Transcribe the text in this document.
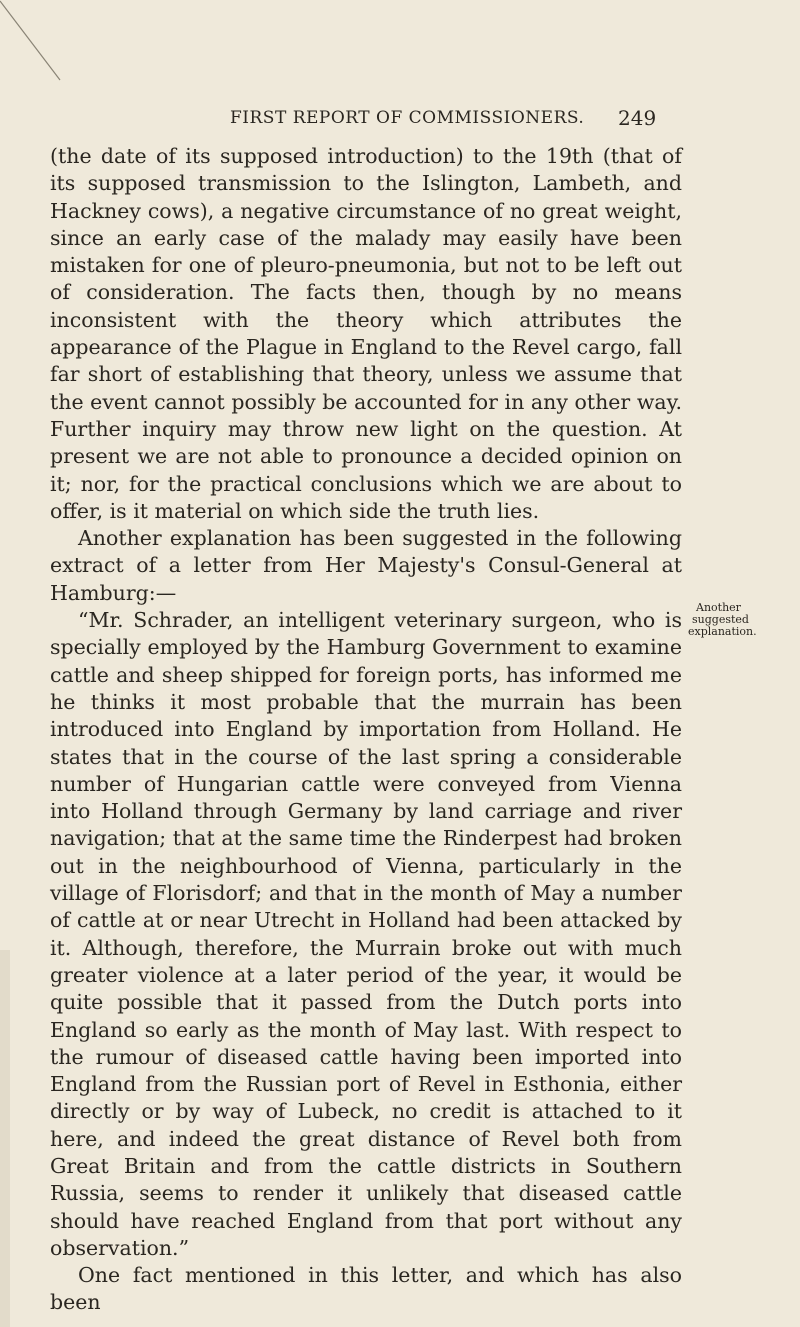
FIRST REPORT OF COMMISSIONERS. 249

(the date of its supposed introduction) to the 19th (that of its supposed transmission to the Islington, Lambeth, and Hackney cows), a negative circumstance of no great weight, since an early case of the malady may easily have been mistaken for one of pleuro-pneumonia, but not to be left out of consideration. The facts then, though by no means inconsistent with the theory which attributes the appearance of the Plague in England to the Revel cargo, fall far short of establishing that theory, unless we assume that the event cannot possibly be accounted for in any other way. Further inquiry may throw new light on the question. At present we are not able to pronounce a decided opinion on it; nor, for the practical conclusions which we are about to offer, is it material on which side the truth lies.

Another explanation has been suggested in the following extract of a letter from Her Majesty's Consul-General at Hamburg:—

“Mr. Schrader, an intelligent veterinary surgeon, who is specially employed by the Hamburg Government to examine cattle and sheep shipped for foreign ports, has informed me he thinks it most probable that the murrain has been introduced into England by importation from Holland. He states that in the course of the last spring a considerable number of Hungarian cattle were conveyed from Vienna into Holland through Germany by land carriage and river navigation; that at the same time the Rinderpest had broken out in the neighbourhood of Vienna, particularly in the village of Florisdorf; and that in the month of May a number of cattle at or near Utrecht in Holland had been attacked by it. Although, therefore, the Murrain broke out with much greater violence at a later period of the year, it would be quite possible that it passed from the Dutch ports into England so early as the month of May last. With respect to the rumour of diseased cattle having been imported into England from the Russian port of Revel in Esthonia, either directly or by way of Lubeck, no credit is attached to it here, and indeed the great distance of Revel both from Great Britain and from the cattle districts in Southern Russia, seems to render it unlikely that diseased cattle should have reached England from that port without any observation.”

One fact mentioned in this letter, and which has also been

Another
suggested
explanation.
